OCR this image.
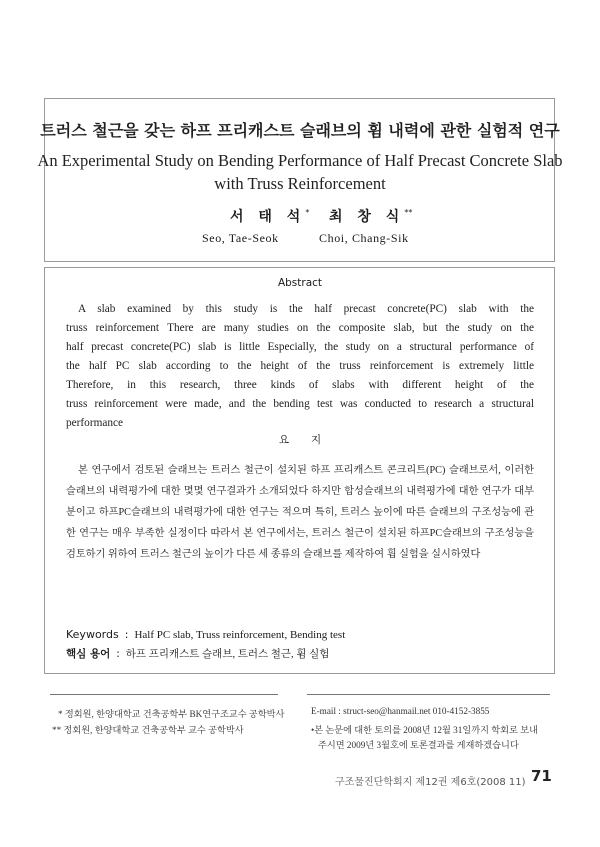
트러스 철근을 갖는 하프 프리캐스트 슬래브의 휨 내력에 관한 실험적 연구
An Experimental Study on Bending Performance of Half Precast Concrete Slab
with Truss Reinforcement
서 태 석* 최 창 식**
Seo, Tae-Seok	Choi, Chang-Sik
Abstract
A slab examined by this study is the half precast concrete(PC) slab with the
truss reinforcement There are many studies on the composite slab, but the study on the
half precast concrete(PC) slab is little Especially, the study on a structural performance of
the half PC slab according to the height of the truss reinforcement is extremely little
Therefore, in this research, three kinds of slabs with different height of the
truss reinforcement were made, and the bending test was conducted to research a structural
performance
요지
본 연구에서 검토된 슬래브는 트러스 철근이 설치된 하프 프리캐스트 콘크리트(PC) 슬래브로서, 이러한
슬래브의 내력평가에 대한 몇몇 연구결과가 소개되었다 하지만 합성슬래브의 내력평가에 대한 연구가 대부
분이고 하프PC슬래브의 내력평가에 대한 연구는 적으며 특히, 트러스 높이에 따른 슬래브의 구조성능에 관
한 연구는 매우 부족한 실정이다 따라서 본 연구에서는, 트러스 철근이 설치된 하프PC슬래브의 구조성능을
검토하기 위하여 트러스 철근의 높이가 다른 세 종류의 슬래브를 제작하여 휨 실험을 실시하였다
Keywords : Half PC slab, Truss reinforcement, Bending test
핵심 용어 : 하프 프리캐스트 슬래브, 트러스 철근, 휨 실험
* 정회원, 한양대학교 건축공학부 BK연구조교수 공학박사
** 정회원, 한양대학교 건축공학부 교수 공학박사
E-mail : struct-seo@hanmail.net 010-4152-3855
•본 논문에 대한 토의를 2008년 12월 31일까지 학회로 보내
주시면 2009년 3월호에 토론결과를 게재하겠습니다
구조물진단학회지 제12권 제6호(2008 11) 71
